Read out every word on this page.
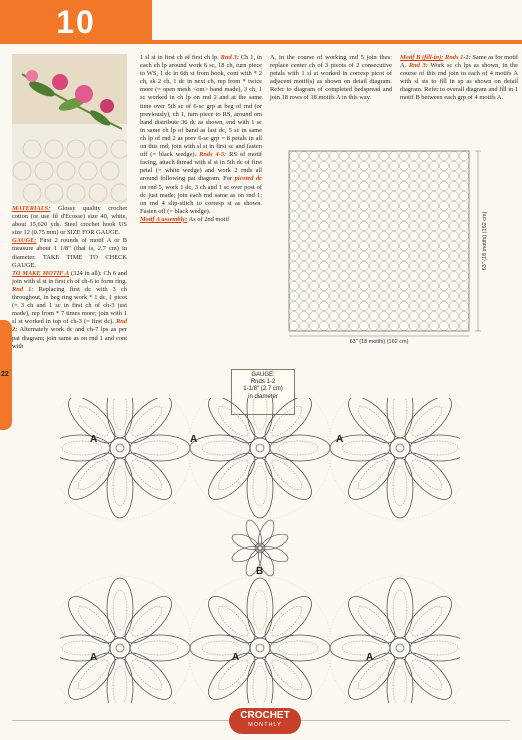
10
22

MATERIALS: Glossy quality crochet cotton (or use fil d'Ecosse) size 40, white, about 15,620 yds. Steel crochet hook US size 12 (0.75 mm) or SIZE FOR GAUGE.

GAUGE: First 2 rounds of motif A or B measure about 1 1/8" (that is, 2.7 cm) in diameter. TAKE TIME TO CHECK GAUGE.

TO MAKE MOTIF A (324 in all): Ch 6 and join with sl st in first ch of ch-6 to form ring. Rnd 1: Replacing first dc with 3 ch throughout, in beg ring work * 1 dc, 1 picot (= 3 ch and 1 sc in first ch of ch-3 just made), rep from * 7 times more; join with 1 sl st worked in top of ch-3 (= first dc). Rnd 2: Alternately work dc and ch-7 lps as per pat diagram; join same as on rnd 1 and cont with

1 sl st in first ch of first ch lp. Rnd 3: Ch 1, in each ch lp around work 6 sc, 18 ch, turn piece to WS, 1 dc in 6th st from hook, cont with * 2 ch, sk 2 ch, 1 dc in next ch, rep from * twice more (= open mesh <om> band made), 3 ch, 1 sc worked in ch lp on rnd 2 and at the same time over 5th sc of 6-sc grp at beg of rnd (or previously), ch 1, turn piece to RS, around om band distribute 36 dc as shown, end with 1 sc in same ch lp of band as last dc, 5 sc in same ch lp of rnd 2 as prev 6-sc grp = 8 petals in all on this rnd; join with sl st in first sc and fasten off (= black wedge). Rnds 4-5: RS of motif facing, attach thread with sl st in 5th dc of first petal (= white wedge) and work 2 rnds all around following pat diagram. For picoted dc on rnd 5, work 1 dc, 3 ch and 1 sc over post of dc just made; join each rnd same as on rnd 1: on rnd 4 slip-stitch to corresp st as shown. Fasten off (= black wedge).

Motif A assembly: As of 2nd motif

A, in the course of working rnd 5 join thus: replace center ch of 3 picots of 2 consecutive petals with 1 sl st worked in corresp picot of adjacent motif(s) as shown on detail diagram. Refer to diagram of completed bedspread and join 18 rows of 18 motifs A in this way.

Motif B (fill-in): Rnds 1-2: Same as for motif A. Rnd 3: Work sc ch lps as shown, in the course of this rnd join to each of 4 motifs A with sl sts to fill in sp as shown on detail diagram. Refer to overall diagram and fill in 1 motif B between each grp of 4 motifs A.

63" (18 motifs) (162 cm)
63" (18 motifs) (162 cm)
GAUGE:
Rnds 1-2
1-1/8" (2.7 cm)
in diameter
A	A	A
A	A	A
B
CROCHET
MONTHLY
